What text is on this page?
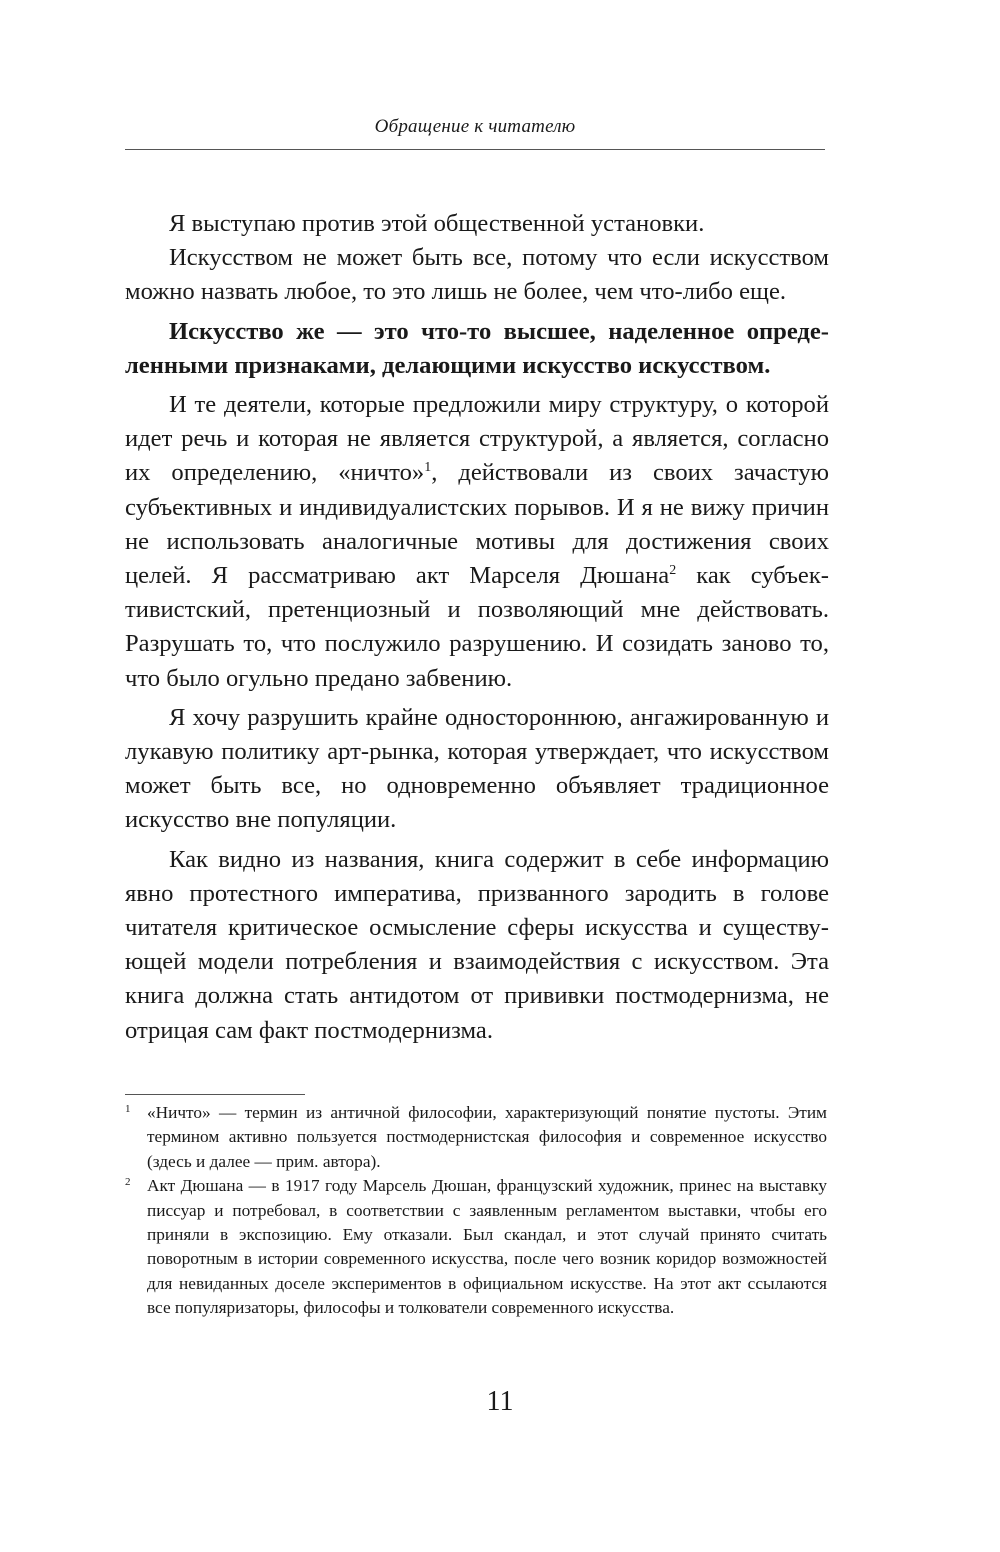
Обращение к читателю

Я выступаю против этой общественной установки.

Искусством не может быть все, потому что если искусством можно назвать любое, то это лишь не более, чем что-либо еще.

Искусство же — это что-то высшее, наделенное определенными признаками, делающими искусство искусством.

И те деятели, которые предложили миру структуру, о которой идет речь и которая не является структурой, а является, согласно их определению, «ничто»$^1$, действовали из своих зачастую субъективных и индивидуалистских порывов. И я не вижу причин не использовать аналогичные мотивы для достижения своих целей. Я рассматриваю акт Марселя Дюшана$^2$ как субъективистский, претенциозный и позволяющий мне действовать. Разрушать то, что послужило разрушению. И созидать заново то, что было огульно предано забвению.

Я хочу разрушить крайне одностороннюю, ангажированную и лукавую политику арт-рынка, которая утверждает, что искусством может быть все, но одновременно объявляет традиционное искусство вне популяции.

Как видно из названия, книга содержит в себе информацию явно протестного императива, призванного зародить в голове читателя критическое осмысление сферы искусства и существующей модели потребления и взаимодействия с искусством. Эта книга должна стать антидотом от прививки постмодернизма, не отрицая сам факт постмодернизма.

1 «Ничто» — термин из античной философии, характеризующий понятие пустоты. Этим термином активно пользуется постмодернистская философия и современное искусство (здесь и далее — прим. автора).
2 Акт Дюшана — в 1917 году Марсель Дюшан, французский художник, принес на выставку писсуар и потребовал, в соответствии с заявленным регламентом выставки, чтобы его приняли в экспозицию. Ему отказали. Был скандал, и этот случай принято считать поворотным в истории современного искусства, после чего возник коридор возможностей для невиданных доселе экспериментов в официальном искусстве. На этот акт ссылаются все популяризаторы, философы и толкователи современного искусства.
11
